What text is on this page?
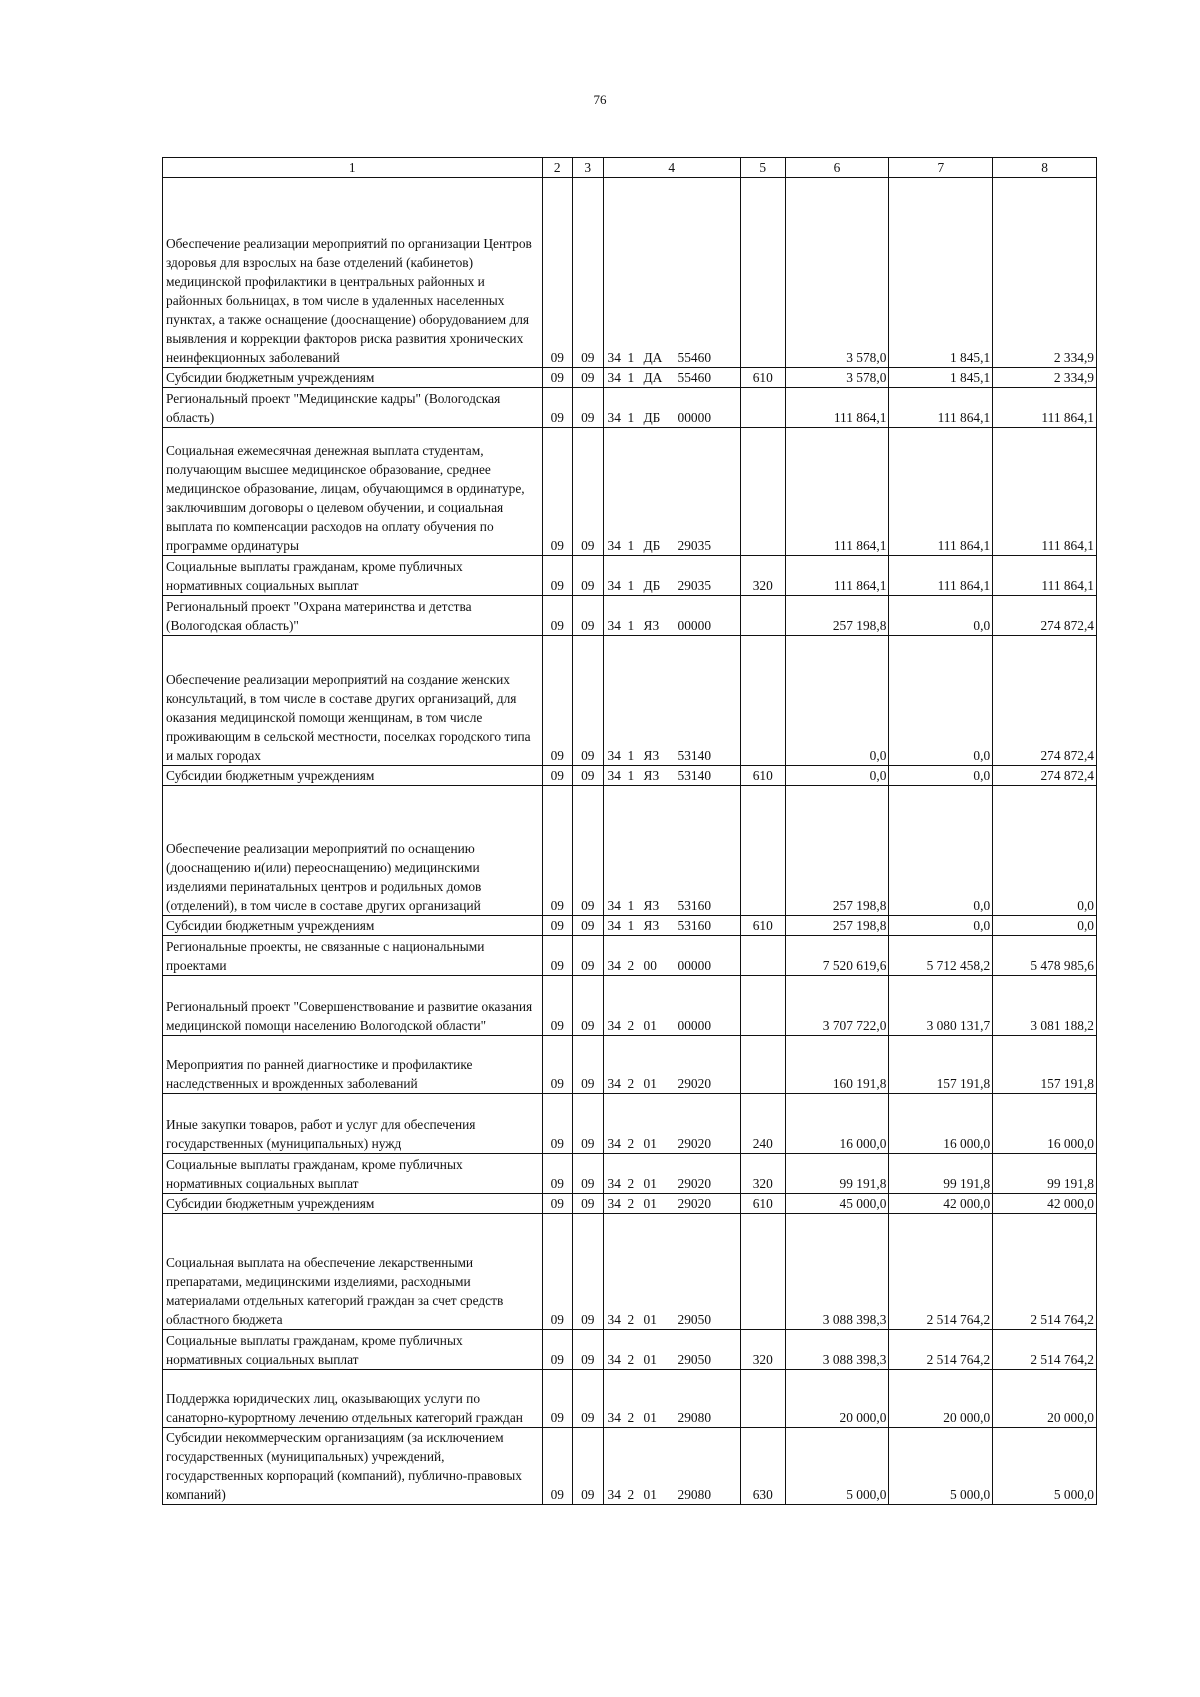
76
1	2	3	4	5	6	7	8
Обеспечение реализации мероприятий по организации Центров здоровья для взрослых на базе отделений (кабинетов) медицинской профилактики в центральных районных и районных больницах, в том числе в удаленных населенных пунктах, а также оснащение (дооснащение) оборудованием для выявления и коррекции факторов риска развития хронических неинфекционных заболеваний	09	09	34 1 ДА 55460		3 578,0	1 845,1	2 334,9
Субсидии бюджетным учреждениям	09	09	34 1 ДА 55460	610	3 578,0	1 845,1	2 334,9
Региональный проект "Медицинские кадры" (Вологодская область)	09	09	34 1 ДБ 00000		111 864,1	111 864,1	111 864,1
Социальная ежемесячная денежная выплата студентам, получающим высшее медицинское образование, среднее медицинское образование, лицам, обучающимся в ординатуре, заключившим договоры о целевом обучении, и социальная выплата по компенсации расходов на оплату обучения по программе ординатуры	09	09	34 1 ДБ 29035		111 864,1	111 864,1	111 864,1
Социальные выплаты гражданам, кроме публичных нормативных социальных выплат	09	09	34 1 ДБ 29035	320	111 864,1	111 864,1	111 864,1
Региональный проект "Охрана материнства и детства (Вологодская область)"	09	09	34 1 Я3 00000		257 198,8	0,0	274 872,4
Обеспечение реализации мероприятий на создание женских консультаций, в том числе в составе других организаций, для оказания медицинской помощи женщинам, в том числе проживающим в сельской местности, поселках городского типа и малых городах	09	09	34 1 Я3 53140		0,0	0,0	274 872,4
Субсидии бюджетным учреждениям	09	09	34 1 Я3 53140	610	0,0	0,0	274 872,4
Обеспечение реализации мероприятий по оснащению (дооснащению и(или) переоснащению) медицинскими изделиями перинатальных центров и родильных домов (отделений), в том числе в составе других организаций	09	09	34 1 Я3 53160		257 198,8	0,0	0,0
Субсидии бюджетным учреждениям	09	09	34 1 Я3 53160	610	257 198,8	0,0	0,0
Региональные проекты, не связанные с национальными проектами	09	09	34 2 00 00000		7 520 619,6	5 712 458,2	5 478 985,6
Региональный проект "Совершенствование и развитие оказания медицинской помощи населению Вологодской области"	09	09	34 2 01 00000		3 707 722,0	3 080 131,7	3 081 188,2
Мероприятия по ранней диагностике и профилактике наследственных и врожденных заболеваний	09	09	34 2 01 29020		160 191,8	157 191,8	157 191,8
Иные закупки товаров, работ и услуг для обеспечения государственных (муниципальных) нужд	09	09	34 2 01 29020	240	16 000,0	16 000,0	16 000,0
Социальные выплаты гражданам, кроме публичных нормативных социальных выплат	09	09	34 2 01 29020	320	99 191,8	99 191,8	99 191,8
Субсидии бюджетным учреждениям	09	09	34 2 01 29020	610	45 000,0	42 000,0	42 000,0
Социальная выплата на обеспечение лекарственными препаратами, медицинскими изделиями, расходными материалами отдельных категорий граждан за счет средств областного бюджета	09	09	34 2 01 29050		3 088 398,3	2 514 764,2	2 514 764,2
Социальные выплаты гражданам, кроме публичных нормативных социальных выплат	09	09	34 2 01 29050	320	3 088 398,3	2 514 764,2	2 514 764,2
Поддержка юридических лиц, оказывающих услуги по санаторно-курортному лечению отдельных категорий граждан	09	09	34 2 01 29080		20 000,0	20 000,0	20 000,0
Субсидии некоммерческим организациям (за исключением государственных (муниципальных) учреждений, государственных корпораций (компаний), публично-правовых компаний)	09	09	34 2 01 29080	630	5 000,0	5 000,0	5 000,0
